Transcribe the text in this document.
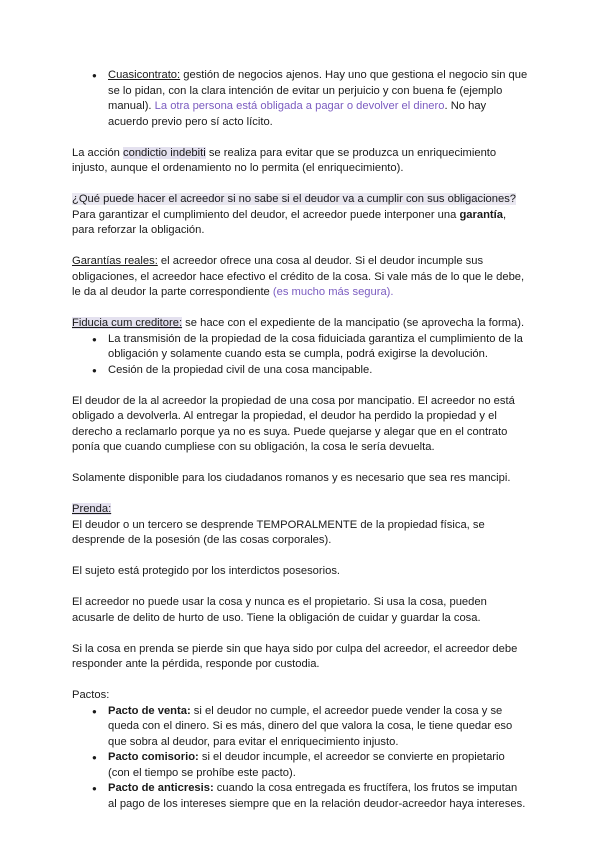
● Cuasicontrato: gestión de negocios ajenos. Hay uno que gestiona el negocio sin que se lo pidan, con la clara intención de evitar un perjuicio y con buena fe (ejemplo manual). La otra persona está obligada a pagar o devolver el dinero. No hay acuerdo previo pero sí acto lícito.

La acción condictio indebiti se realiza para evitar que se produzca un enriquecimiento injusto, aunque el ordenamiento no lo permita (el enriquecimiento).

¿Qué puede hacer el acreedor si no sabe si el deudor va a cumplir con sus obligaciones?

Para garantizar el cumplimiento del deudor, el acreedor puede interponer una garantía, para reforzar la obligación.

Garantías reales: el acreedor ofrece una cosa al deudor. Si el deudor incumple sus obligaciones, el acreedor hace efectivo el crédito de la cosa. Si vale más de lo que le debe, le da al deudor la parte correspondiente (es mucho más segura).

Fiducia cum creditore: se hace con el expediente de la mancipatio (se aprovecha la forma).

● La transmisión de la propiedad de la cosa fiduiciada garantiza el cumplimiento de la obligación y solamente cuando esta se cumpla, podrá exigirse la devolución.
● Cesión de la propiedad civil de una cosa mancipable.

El deudor de la al acreedor la propiedad de una cosa por mancipatio. El acreedor no está obligado a devolverla. Al entregar la propiedad, el deudor ha perdido la propiedad y el derecho a reclamarlo porque ya no es suya. Puede quejarse y alegar que en el contrato ponía que cuando cumpliese con su obligación, la cosa le sería devuelta.

Solamente disponible para los ciudadanos romanos y es necesario que sea res mancipi.

Prenda:

El deudor o un tercero se desprende TEMPORALMENTE de la propiedad física, se desprende de la posesión (de las cosas corporales).

El sujeto está protegido por los interdictos posesorios.

El acreedor no puede usar la cosa y nunca es el propietario. Si usa la cosa, pueden acusarle de delito de hurto de uso. Tiene la obligación de cuidar y guardar la cosa.

Si la cosa en prenda se pierde sin que haya sido por culpa del acreedor, el acreedor debe responder ante la pérdida, responde por custodia.

Pactos:

● Pacto de venta: si el deudor no cumple, el acreedor puede vender la cosa y se queda con el dinero. Si es más, dinero del que valora la cosa, le tiene quedar eso que sobra al deudor, para evitar el enriquecimiento injusto.
● Pacto comisorio: si el deudor incumple, el acreedor se convierte en propietario (con el tiempo se prohíbe este pacto).
● Pacto de anticresis: cuando la cosa entregada es fructífera, los frutos se imputan al pago de los intereses siempre que en la relación deudor-acreedor haya intereses.
